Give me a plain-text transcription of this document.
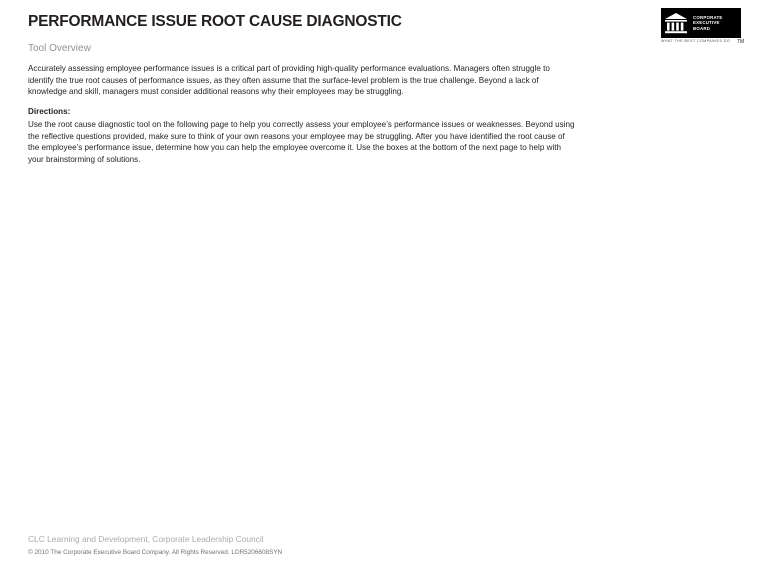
PERFORMANCE ISSUE ROOT CAUSE DIAGNOSTIC
Tool Overview
Accurately assessing employee performance issues is a critical part of providing high-quality performance evaluations. Managers often struggle to identify the true root causes of performance issues, as they often assume that the surface-level problem is the true challenge. Beyond a lack of knowledge and skill, managers must consider additional reasons why their employees may be struggling.
Directions:
Use the root cause diagnostic tool on the following page to help you correctly assess your employee’s performance issues or weaknesses. Beyond using the reflective questions provided, make sure to think of your own reasons your employee may be struggling. After you have identified the root cause of the employee’s performance issue, determine how you can help the employee overcome it. Use the boxes at the bottom of the next page to help with your brainstorming of solutions.
CLC Learning and Development, Corporate Leadership Council
© 2010 The Corporate Executive Board Company. All Rights Reserved. LDR5206608SYN
CORPORATE
EXECUTIVE
BOARD
WHAT THE BEST COMPANIES DO TM
